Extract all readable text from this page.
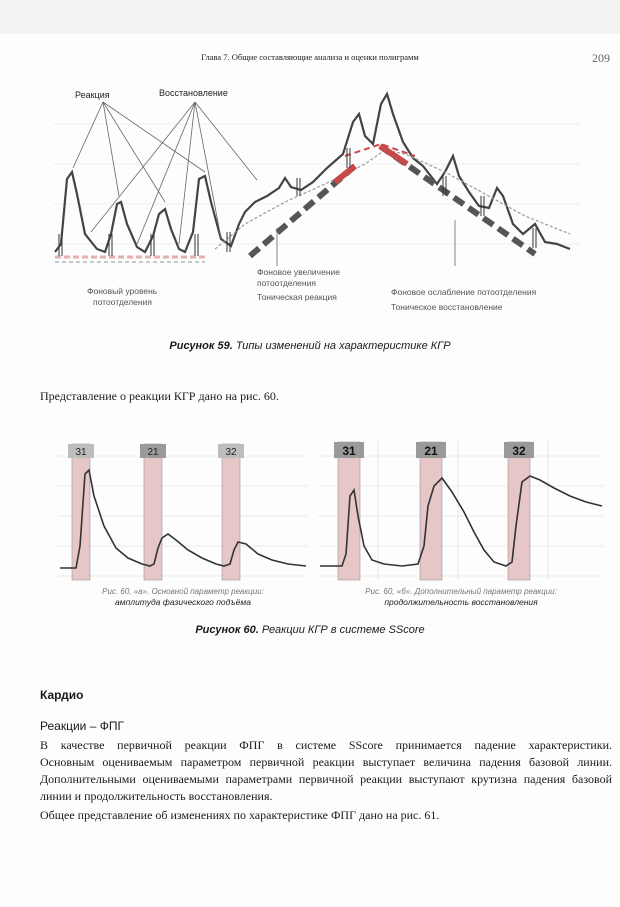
Глава 7. Общие составляющие анализа и оценки полиграмм	209
Реакция	Восстановление
Фоновый уровень
потоотделения
Фоновое увеличение
потоотделения
Тоническая реакция	Фоновое ослабление потоотделения
Тоническое восстановление
Рисунок 59. Типы изменений на характеристике КГР
Представление о реакции КГР дано на рис. 60.
31	21	32
Рис. 60, «а». Основной параметр реакции:
амплитуда фазического подъёма
31	21	32
Рис. 60, «б». Дополнительный параметр реакции:
продолжительность восстановления
Рисунок 60. Реакции КГР в системе SScore
Кардио
Реакции – ФПГ
В качестве первичной реакции ФПГ в системе SScore принимается падение характеристики.
Основным оцениваемым параметром первичной реакции выступает величина падения базовой линии.
Дополнительными оцениваемыми параметрами первичной реакции выступают крутизна падения базовой
линии и продолжительность восстановления.
Общее представление об изменениях по характеристике ФПГ дано на рис. 61.
